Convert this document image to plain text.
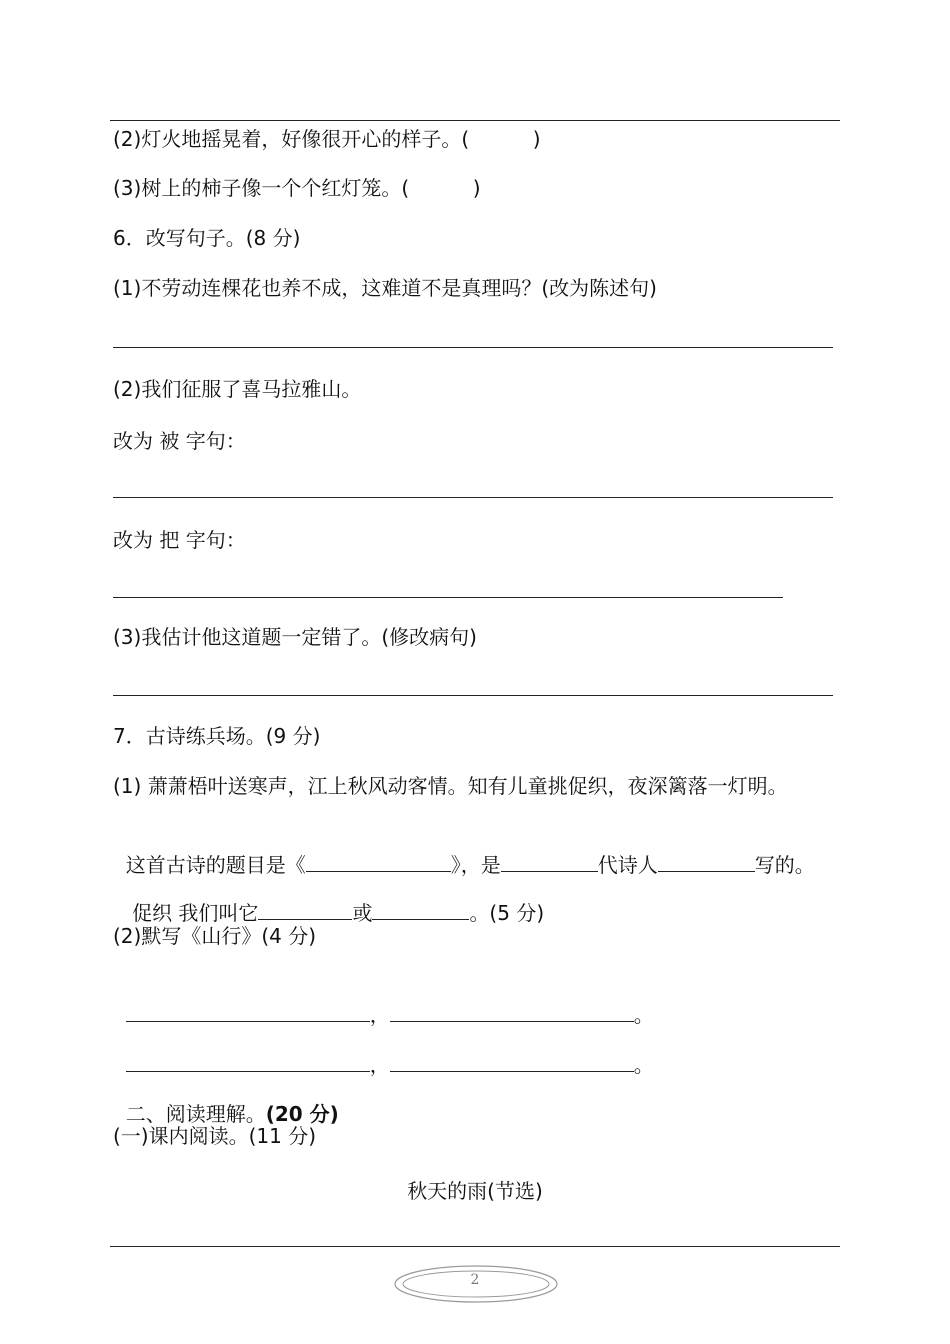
(2)灯火地摇晃着，好像很开心的样子。(          )
(3)树上的柿子像一个个红灯笼。(          )
6．改写句子。(8 分)
(1)不劳动连棵花也养不成，这难道不是真理吗？(改为陈述句)
(2)我们征服了喜马拉雅山。
改为 被 字句：
改为 把 字句：
(3)我估计他这道题一定错了。(修改病句)
7．古诗练兵场。(9 分)
(1) 萧萧梧叶送寒声，江上秋风动客情。知有儿童挑促织，夜深篱落一灯明。

这首古诗的题目是《	》，是	代诗人	写的。

促织 我们叫它	或	。(5 分)

(2)默写《山行》(4 分)

，	。

，	。

二、阅读理解。(20 分)

(一)课内阅读。(11 分)
秋天的雨(节选)
2
